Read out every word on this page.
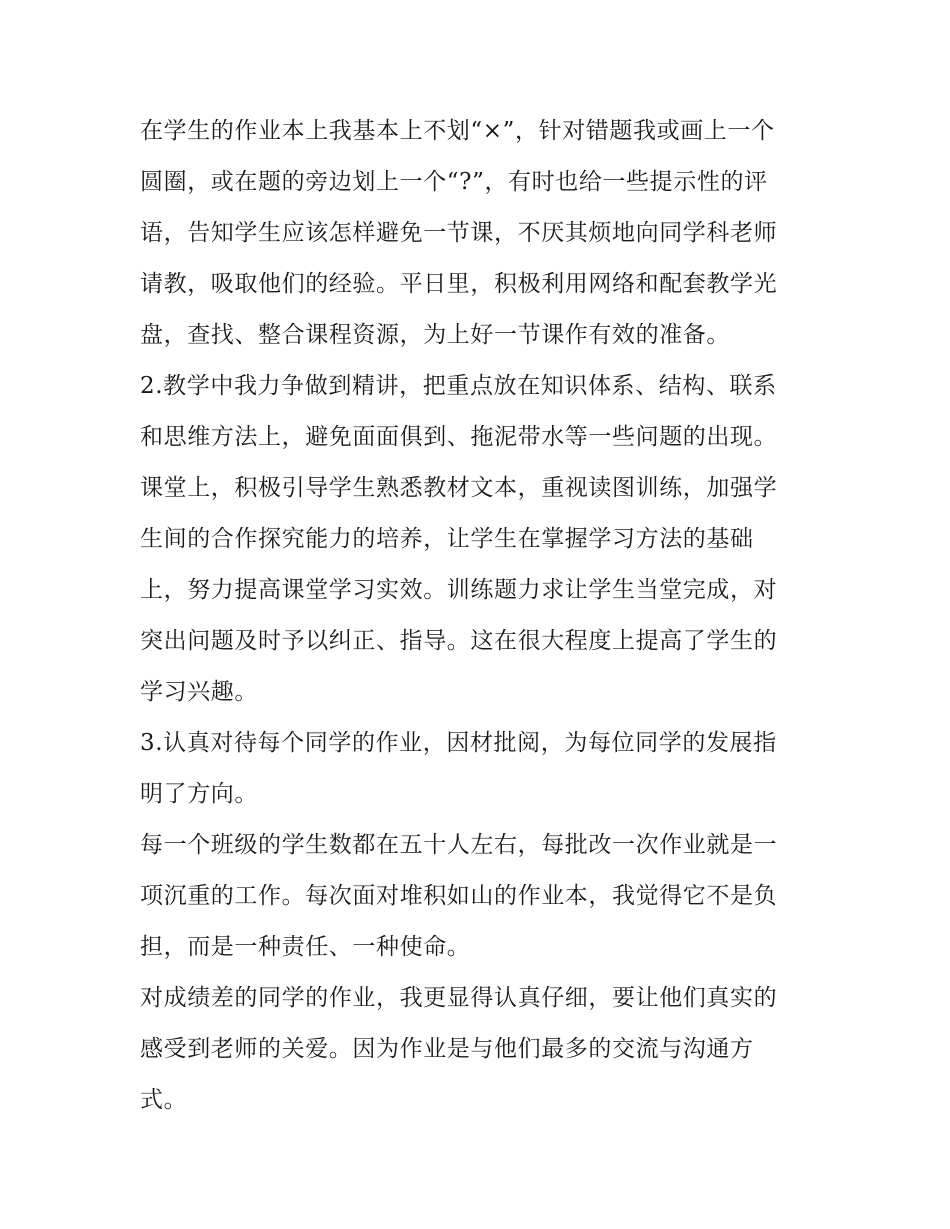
在学生的作业本上我基本上不划“×”，针对错题我或画上一个
圆圈，或在题的旁边划上一个“?”，有时也给一些提示性的评
语，告知学生应该怎样避免一节课，不厌其烦地向同学科老师
请教，吸取他们的经验。平日里，积极利用网络和配套教学光
盘，查找、整合课程资源，为上好一节课作有效的准备。
2.教学中我力争做到精讲，把重点放在知识体系、结构、联系
和思维方法上，避免面面俱到、拖泥带水等一些问题的出现。
课堂上，积极引导学生熟悉教材文本，重视读图训练，加强学
生间的合作探究能力的培养，让学生在掌握学习方法的基础
上，努力提高课堂学习实效。训练题力求让学生当堂完成，对
突出问题及时予以纠正、指导。这在很大程度上提高了学生的
学习兴趣。
3.认真对待每个同学的作业，因材批阅，为每位同学的发展指
明了方向。
每一个班级的学生数都在五十人左右，每批改一次作业就是一
项沉重的工作。每次面对堆积如山的作业本，我觉得它不是负
担，而是一种责任、一种使命。
对成绩差的同学的作业，我更显得认真仔细，要让他们真实的
感受到老师的关爱。因为作业是与他们最多的交流与沟通方
式。
